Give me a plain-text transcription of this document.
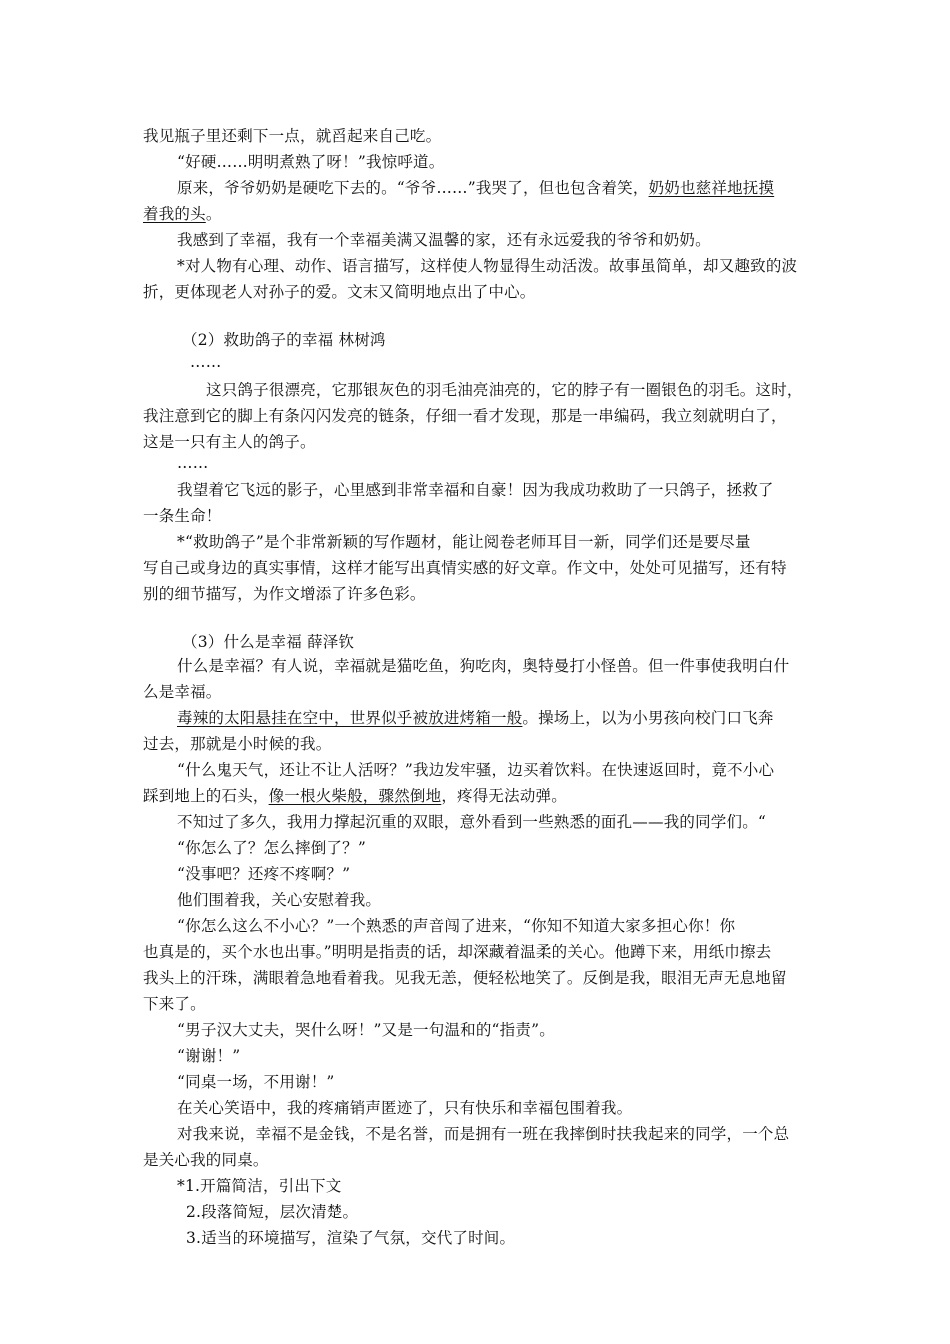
我见瓶子里还剩下一点，就舀起来自己吃。
“好硬……明明煮熟了呀！”我惊呼道。
原来，爷爷奶奶是硬吃下去的。“爷爷……”我哭了，但也包含着笑，奶奶也慈祥地抚摸
着我的头。
我感到了幸福，我有一个幸福美满又温馨的家，还有永远爱我的爷爷和奶奶。
*对人物有心理、动作、语言描写，这样使人物显得生动活泼。故事虽简单，却又趣致的波
折，更体现老人对孙子的爱。文末又简明地点出了中心。
（2）救助鸽子的幸福 林树鸿
……
这只鸽子很漂亮，它那银灰色的羽毛油亮油亮的，它的脖子有一圈银色的羽毛。这时，
我注意到它的脚上有条闪闪发亮的链条，仔细一看才发现，那是一串编码，我立刻就明白了，
这是一只有主人的鸽子。
……
我望着它飞远的影子，心里感到非常幸福和自豪！因为我成功救助了一只鸽子，拯救了
一条生命！
*“救助鸽子”是个非常新颖的写作题材，能让阅卷老师耳目一新，同学们还是要尽量
写自己或身边的真实事情，这样才能写出真情实感的好文章。作文中，处处可见描写，还有特
别的细节描写，为作文增添了许多色彩。
（3）什么是幸福 薛泽钦
什么是幸福？有人说，幸福就是猫吃鱼，狗吃肉，奥特曼打小怪兽。但一件事使我明白什
么是幸福。
毒辣的太阳悬挂在空中，世界似乎被放进烤箱一般。操场上，以为小男孩向校门口飞奔
过去，那就是小时候的我。
“什么鬼天气，还让不让人活呀？”我边发牢骚，边买着饮料。在快速返回时，竟不小心
踩到地上的石头，像一根火柴般，骤然倒地，疼得无法动弹。
不知过了多久，我用力撑起沉重的双眼，意外看到一些熟悉的面孔——我的同学们。“
“你怎么了？怎么摔倒了？”
“没事吧？还疼不疼啊？”
他们围着我，关心安慰着我。
“你怎么这么不小心？”一个熟悉的声音闯了进来，“你知不知道大家多担心你！你
也真是的，买个水也出事。”明明是指责的话，却深藏着温柔的关心。他蹲下来，用纸巾擦去
我头上的汗珠，满眼着急地看着我。见我无恙，便轻松地笑了。反倒是我，眼泪无声无息地留
下来了。
“男子汉大丈夫，哭什么呀！”又是一句温和的“指责”。
“谢谢！”
“同桌一场，不用谢！”
在关心笑语中，我的疼痛销声匿迹了，只有快乐和幸福包围着我。
对我来说，幸福不是金钱，不是名誉，而是拥有一班在我摔倒时扶我起来的同学，一个总
是关心我的同桌。
*1.开篇简洁，引出下文
2.段落简短，层次清楚。
3.适当的环境描写，渲染了气氛，交代了时间。
